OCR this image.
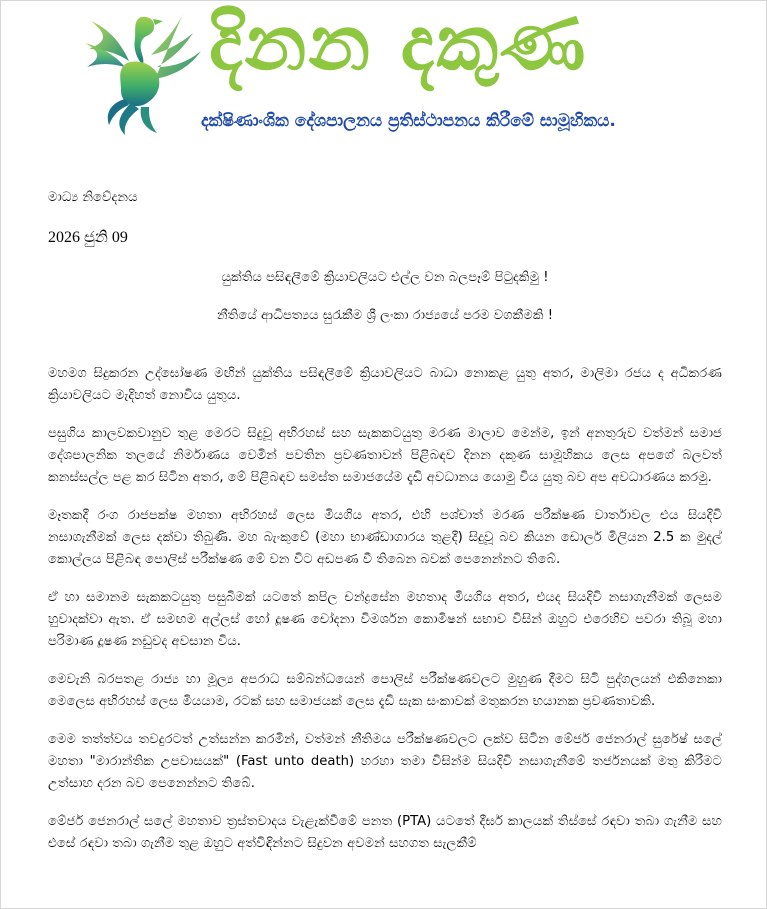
දිනන දකුණ
දක්ෂිණාංශික දේශපාලනය ප්‍රතිස්ථාපනය කිරීමේ සාමූහිකය.

මාධ්‍ය නිවේදනය

2026 ජුනි 09

යුක්තිය පසිඳලීමේ ක්‍රියාවලියට එල්ල වන බලපෑම් පිටුදකිමු !

නීතියේ ආධිපත්‍යය සුරැකීම ශ්‍රී ලංකා රාජ්‍යයේ පරම වගකීමකි !

මහමග සිදුකරන උද්ඝෝෂණ මඟින් යුක්තිය පසිඳලීමේ ක්‍රියාවලියට බාධා නොකළ යුතු අතර, මාලිමා රජය ද අධිකරණ ක්‍රියාවලියට මැදිහත් නොවිය යුතුය.

පසුගිය කාලවකවානුව තුළ මෙරට සිදුවූ අභිරහස් සහ සැකකටයුතු මරණ මාලාව මෙන්ම, ඉන් අනතුරුව වත්මන් සමාජ දේශපාලනික තලයේ නිර්මාණය වෙමින් පවතින ප්‍රවණතාවන් පිළිබඳව දිනන දකුණ සාමූහිකය ලෙස අපගේ බලවත් කනස්සල්ල පළ කර සිටින අතර, මේ පිළිබඳව සමස්ත සමාජයේම දැඩි අවධානය යොමු විය යුතු බව අප අවධාරණය කරමු.

මෑතකදී රංග රාජපක්ෂ මහතා අභිරහස් ලෙස මියගිය අතර, එහි පශ්චාත් මරණ පරීක්ෂණ වාර්තාවල එය සියදිවි නසාගැනීමක් ලෙස දක්වා තිබුණි. මහ බැංකුවේ (මහා භාණ්ඩාගාරය තුළදී) සිදුවූ බව කියන ඩොලර් මිලියන 2.5 ක මුදල් කොල්ලය පිළිබඳ පොලිස් පරීක්ෂණ මේ වන විට අඩපණ වී තිබෙන බවක් පෙනෙන්නට තිබේ.

ඒ හා සමානම සැකකටයුතු පසුබිමක් යටතේ කපිල චන්ද්‍රසේන මහතාද මියගිය අතර, එයද සියදිවි නසාගැනීමක් ලෙසම හුවාදක්වා ඇත. ඒ සමඟම අල්ලස් හෝ දූෂණ චෝදනා විමර්ශන කොමිෂන් සභාව විසින් ඔහුට එරෙහිව පවරා තිබූ මහා පරිමාණ දූෂණ නඩුවද අවසාන විය.

මෙවැනි බරපතළ රාජ්‍ය හා මූල්‍ය අපරාධ සම්බන්ධයෙන් පොලිස් පරීක්ෂණවලට මුහුණ දීමට සිටි පුද්ගලයන් එකිනෙකා මෙලෙස අභිරහස් ලෙස මියයාම, රටක් සහ සමාජයක් ලෙස දැඩි සැක සංකාවක් මතුකරන භයානක ප්‍රවණතාවකි.

මෙම තත්ත්වය තවදුරටත් උත්සන්න කරමින්, වත්මන් නීතිමය පරීක්ෂණවලට ලක්ව සිටින මේජර් ජෙනරාල් සුරේෂ් සලේ මහතා "මාරාන්තික උපවාසයක්" (Fast unto death) හරහා තමා විසින්ම සියදිවි නසාගැනීමේ තර්ජනයක් මතු කිරීමට උත්සාහ දරන බව පෙනෙන්නට තිබේ.

මේජර් ජෙනරාල් සලේ මහතාව ත්‍රස්තවාදය වැළැක්වීමේ පනත (PTA) යටතේ දීර්ඝ කාලයක් තිස්සේ රඳවා තබා ගැනීම සහ එසේ රඳවා තබා ගැනීම තුළ ඔහුට අත්විඳින්නට සිදුවන අවමන් සහගත සැලකීම්
